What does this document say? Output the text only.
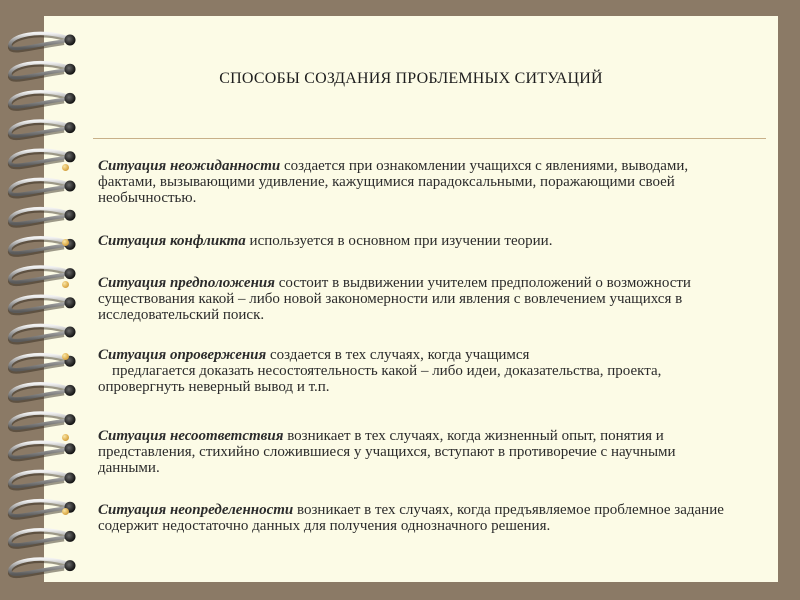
СПОСОБЫ СОЗДАНИЯ ПРОБЛЕМНЫХ СИТУАЦИЙ
Ситуация неожиданности создается при ознакомлении учащихся с явлениями, выводами, фактами, вызывающими удивление, кажущимися парадоксальными, поражающими своей необычностью.
Ситуация конфликта используется в основном при изучении теории.
Ситуация предположения состоит в выдвижении учителем предположений о возможности существования какой – либо новой закономерности или явления с вовлечением учащихся в исследовательский поиск.
Ситуация опровержения создается в тех случаях, когда учащимся
предлагается доказать несостоятельность какой – либо идеи, доказательства, проекта, опровергнуть неверный вывод и т.п.
Ситуация несоответствия возникает в тех случаях, когда жизненный опыт, понятия и представления, стихийно сложившиеся у учащихся, вступают в противоречие с научными данными.
Ситуация неопределенности возникает в тех случаях, когда предъявляемое проблемное задание содержит недостаточно данных для получения однозначного решения.
